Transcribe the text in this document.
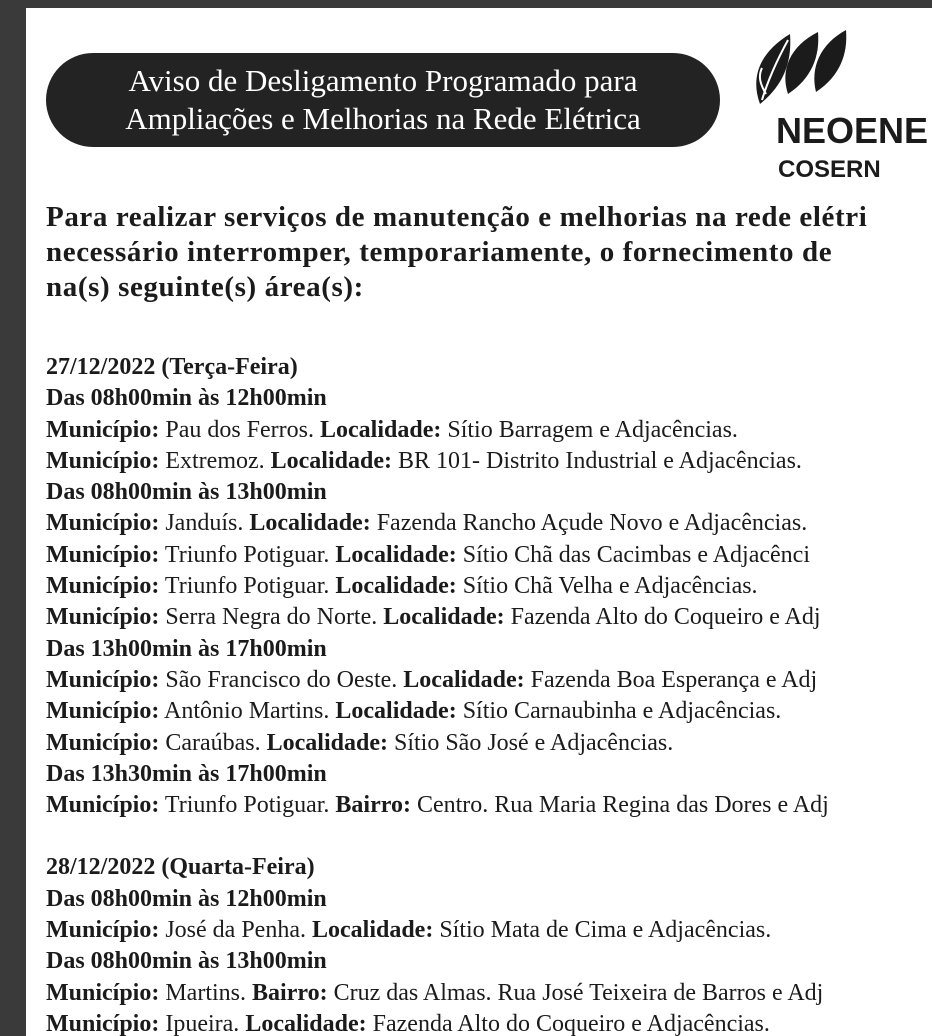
Aviso de Desligamento Programado para
Ampliações e Melhorias na Rede Elétrica	NEOENE
COSERN
Para realizar serviços de manutenção e melhorias na rede elétri
necessário interromper, temporariamente, o fornecimento de
na(s) seguinte(s) área(s):
27/12/2022 (Terça-Feira)
Das 08h00min às 12h00min
Município: Pau dos Ferros. Localidade: Sítio Barragem e Adjacências.
Município: Extremoz. Localidade: BR 101- Distrito Industrial e Adjacências.
Das 08h00min às 13h00min
Município: Janduís. Localidade: Fazenda Rancho Açude Novo e Adjacências.
Município: Triunfo Potiguar. Localidade: Sítio Chã das Cacimbas e Adjacênci
Município: Triunfo Potiguar. Localidade: Sítio Chã Velha e Adjacências.
Município: Serra Negra do Norte. Localidade: Fazenda Alto do Coqueiro e Adj
Das 13h00min às 17h00min
Município: São Francisco do Oeste. Localidade: Fazenda Boa Esperança e Adj
Município: Antônio Martins. Localidade: Sítio Carnaubinha e Adjacências.
Município: Caraúbas. Localidade: Sítio São José e Adjacências.
Das 13h30min às 17h00min
Município: Triunfo Potiguar. Bairro: Centro. Rua Maria Regina das Dores e Adj
28/12/2022 (Quarta-Feira)
Das 08h00min às 12h00min
Município: José da Penha. Localidade: Sítio Mata de Cima e Adjacências.
Das 08h00min às 13h00min
Município: Martins. Bairro: Cruz das Almas. Rua José Teixeira de Barros e Adj
Município: Ipueira. Localidade: Fazenda Alto do Coqueiro e Adjacências.
